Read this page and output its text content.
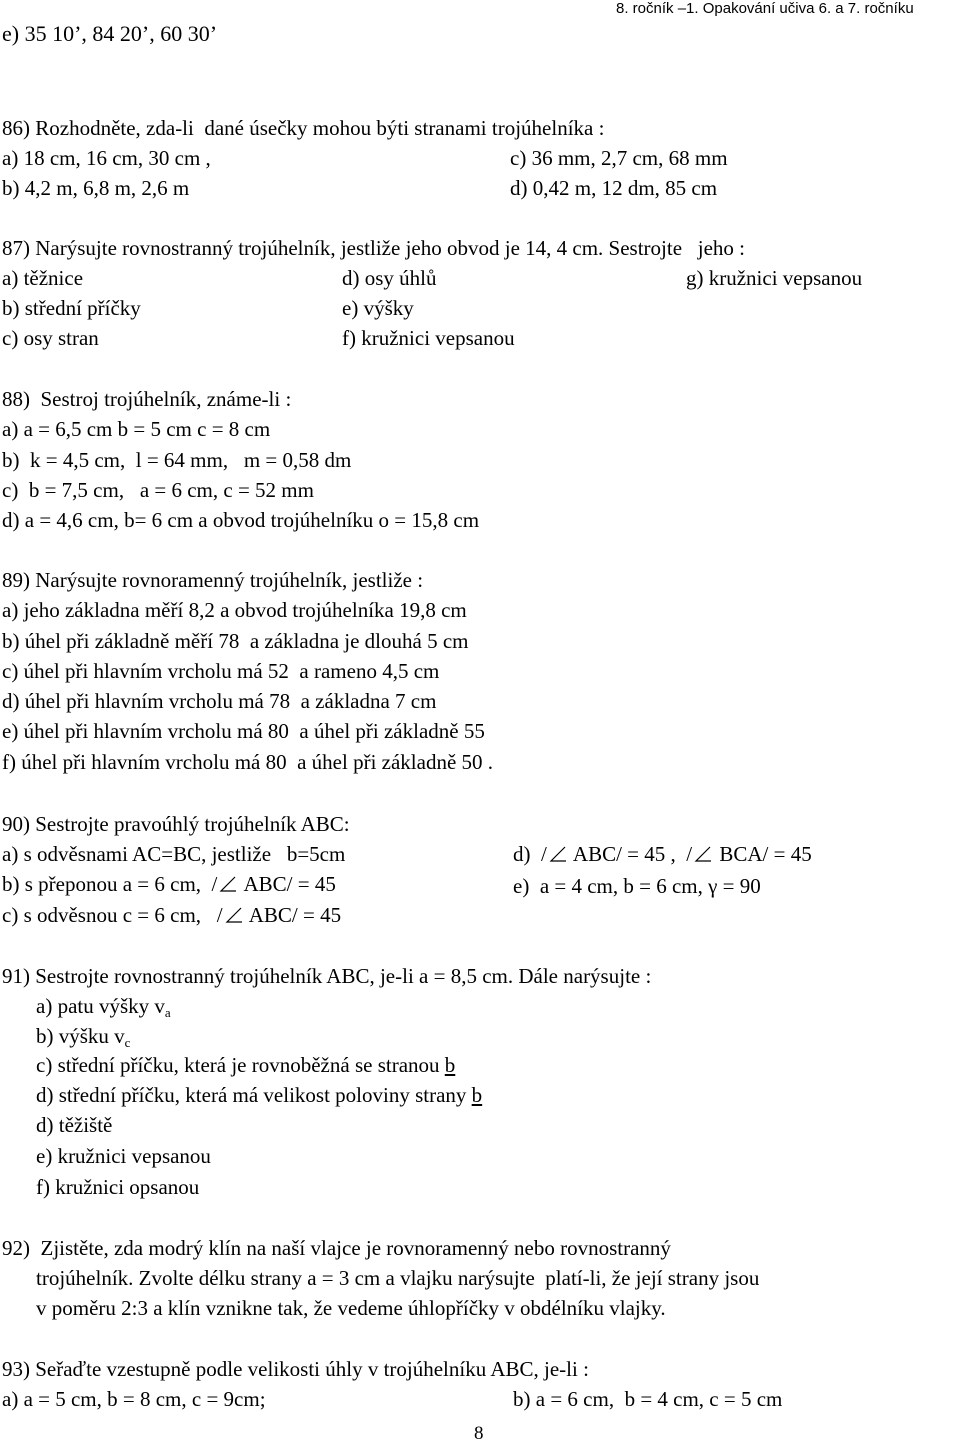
e) 35 10’, 84 20’, 60 30’
8. ročník –1. Opakování učiva 6. a 7. ročníku
86) Rozhodněte, zda-li  dané úsečky mohou býti stranami trojúhelníka :
a) 18 cm, 16 cm, 30 cm ,
b) 4,2 m, 6,8 m, 2,6 m
c) 36 mm, 2,7 cm, 68 mm
d) 0,42 m, 12 dm, 85 cm
87) Narýsujte rovnostranný trojúhelník, jestliže jeho obvod je 14, 4 cm. Sestrojte   jeho :
a) těžnice
b) střední příčky
c) osy stran
d) osy úhlů
e) výšky
f) kružnici vepsanou
g) kružnici vepsanou
88)  Sestroj trojúhelník, známe-li :
a) a = 6,5 cm b = 5 cm c = 8 cm
b)  k = 4,5 cm,  l = 64 mm,   m = 0,58 dm
c)  b = 7,5 cm,   a = 6 cm, c = 52 mm
d) a = 4,6 cm, b= 6 cm a obvod trojúhelníku o = 15,8 cm
89) Narýsujte rovnoramenný trojúhelník, jestliže :
a) jeho základna měří 8,2 a obvod trojúhelníka 19,8 cm
b) úhel při základně měří 78  a základna je dlouhá 5 cm
c) úhel při hlavním vrcholu má 52  a rameno 4,5 cm
d) úhel při hlavním vrcholu má 78  a základna 7 cm
e) úhel při hlavním vrcholu má 80  a úhel při základně 55
f) úhel při hlavním vrcholu má 80  a úhel při základně 50 .
90) Sestrojte pravoúhlý trojúhelník ABC:
a) s odvěsnami AC=BC, jestliže   b=5cm
b) s přeponou a = 6 cm,  / ABC/ = 45
c) s odvěsnou c = 6 cm,   / ABC/ = 45
d)  / ABC/ = 45 ,  / BCA/ = 45
e)  a = 4 cm, b = 6 cm, γ = 90
91) Sestrojte rovnostranný trojúhelník ABC, je-li a = 8,5 cm. Dále narýsujte :
a) patu výšky $v_a$
b) výšku $v_c$
c) střední příčku, která je rovnoběžná se stranou b
d) střední příčku, která má velikost poloviny strany b
d) těžiště
e) kružnici vepsanou
f) kružnici opsanou
92)  Zjistěte, zda modrý klín na naší vlajce je rovnoramenný nebo rovnostranný
trojúhelník. Zvolte délku strany a = 3 cm a vlajku narýsujte  platí-li, že její strany jsou
v poměru 2:3 a klín vznikne tak, že vedeme úhlopříčky v obdélníku vlajky.
93) Seřaďte vzestupně podle velikosti úhly v trojúhelníku ABC, je-li :
a) a = 5 cm, b = 8 cm, c = 9cm;	b) a = 6 cm,  b = 4 cm, c = 5 cm
8
